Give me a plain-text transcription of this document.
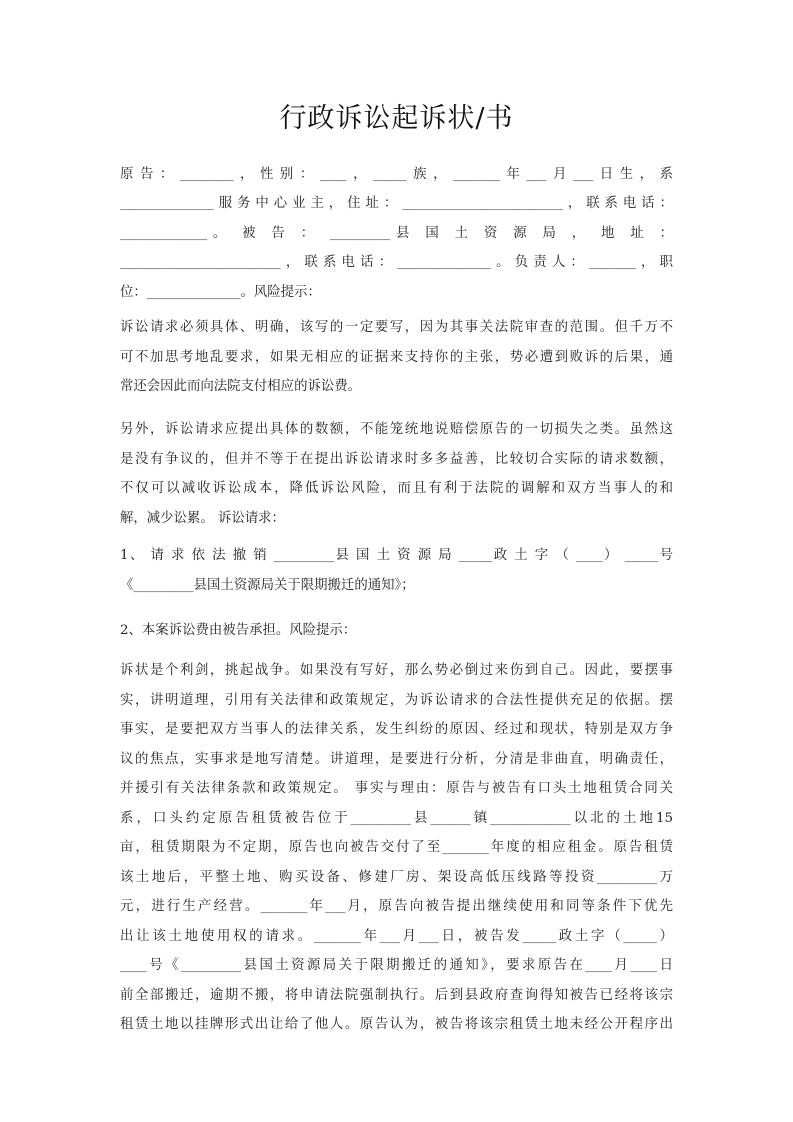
行政诉讼起诉状/书
原告：________，性别：____，_____族，_______年___月___日生，系
______________服务中心业主，住址：________________________，联系电话：
_____________。 被 告 ： _________县 国 土 资 源 局 ， 地 址 ：
________________________，联系电话：______________。负责人：_______，职
位：______________。风险提示：
诉讼请求必须具体、明确，该写的一定要写，因为其事关法院审查的范围。但千万不
可不加思考地乱要求，如果无相应的证据来支持你的主张，势必遭到败诉的后果，通
常还会因此而向法院支付相应的诉讼费。
另外，诉讼请求应提出具体的数额，不能笼统地说赔偿原告的一切损失之类。虽然这
是没有争议的，但并不等于在提出诉讼请求时多多益善，比较切合实际的请求数额，
不仅可以减收诉讼成本，降低诉讼风险，而且有利于法院的调解和双方当事人的和
解，减少讼累。 诉讼请求：
1、 请 求 依 法 撤 销 _________县 国 土 资 源 局 _____政 土 字 （ ____） _____号
《_________县国土资源局关于限期搬迁的通知》；
2、本案诉讼费由被告承担。风险提示：
诉状是个利剑，挑起战争。如果没有写好，那么势必倒过来伤到自己。因此，要摆事
实，讲明道理，引用有关法律和政策规定，为诉讼请求的合法性提供充足的依据。摆
事实，是要把双方当事人的法律关系，发生纠纷的原因、经过和现状，特别是双方争
议的焦点，实事求是地写清楚。讲道理，是要进行分析，分清是非曲直，明确责任，
并援引有关法律条款和政策规定。 事实与理由：原告与被告有口头土地租赁合同关
系，口头约定原告租赁被告位于_________县______镇____________以北的土地15
亩，租赁期限为不定期，原告也向被告交付了至_______年度的相应租金。原告租赁
该土地后，平整土地、购买设备、修建厂房、架设高低压线路等投资_________万
元，进行生产经营。_______年___月，原告向被告提出继续使用和同等条件下优先
出让该土地使用权的请求。_______年___月___日，被告发_____政土字（_____）
____号《_________县国土资源局关于限期搬迁的通知》，要求原告在____月____日
前全部搬迁，逾期不搬，将申请法院强制执行。后到县政府查询得知被告已经将该宗
租赁土地以挂牌形式出让给了他人。原告认为，被告将该宗租赁土地未经公开程序出
